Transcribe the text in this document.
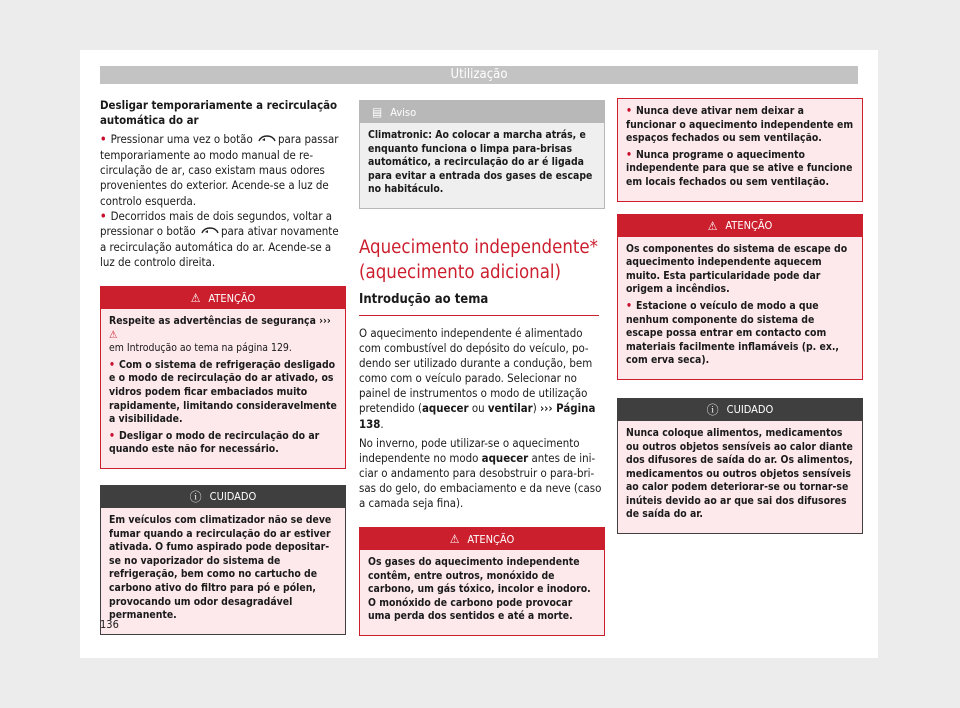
Utilização

Desligar temporariamente a recirculação automática do ar

• Pressionar uma vez o botão para passar temporariamente ao modo manual de recirculação de ar, caso existam maus odores provenientes do exterior. Acende-se a luz de controlo esquerda.

• Decorridos mais de dois segundos, voltar a pressionar o botão para ativar novamente a recirculação automática do ar. Acende-se a luz de controlo direita.

⚠ ATENÇÃO

Respeite as advertências de segurança ››› ⚠
em Introdução ao tema na página 129.

• Com o sistema de refrigeração desligado e o modo de recirculação do ar ativado, os vidros podem ficar embaciados muito rapidamente, limitando consideravelmente a visibilidade.

• Desligar o modo de recirculação do ar quando este não for necessário.

ⓘ CUIDADO

Em veículos com climatizador não se deve fumar quando a recirculação do ar estiver ativada. O fumo aspirado pode depositar-se no vaporizador do sistema de refrigeração, bem como no cartucho de carbono ativo do filtro para pó e pólen, provocando um odor desagradável permanente.

▤ Aviso

Climatronic: Ao colocar a marcha atrás, e enquanto funciona o limpa para-brisas automático, a recirculação do ar é ligada para evitar a entrada dos gases de escape no habitáculo.

Aquecimento independente* (aquecimento adicional)
Introdução ao tema

O aquecimento independente é alimentado com combustível do depósito do veículo, podendo ser utilizado durante a condução, bem como com o veículo parado. Selecionar no painel de instrumentos o modo de utilização pretendido (aquecer ou ventilar) ››› Página 138.

No inverno, pode utilizar-se o aquecimento independente no modo aquecer antes de iniciar o andamento para desobstruir o para-brisas do gelo, do embaciamento e da neve (caso a camada seja fina).

⚠ ATENÇÃO

Os gases do aquecimento independente contêm, entre outros, monóxido de carbono, um gás tóxico, incolor e inodoro. O monóxido de carbono pode provocar uma perda dos sentidos e até a morte.

• Nunca deve ativar nem deixar a funcionar o aquecimento independente em espaços fechados ou sem ventilação.

• Nunca programe o aquecimento independente para que se ative e funcione em locais fechados ou sem ventilação.

⚠ ATENÇÃO

Os componentes do sistema de escape do aquecimento independente aquecem muito. Esta particularidade pode dar origem a incêndios.

• Estacione o veículo de modo a que nenhum componente do sistema de escape possa entrar em contacto com materiais facilmente inflamáveis (p. ex., com erva seca).

ⓘ CUIDADO

Nunca coloque alimentos, medicamentos ou outros objetos sensíveis ao calor diante dos difusores de saída do ar. Os alimentos, medicamentos ou outros objetos sensíveis ao calor podem deteriorar-se ou tornar-se inúteis devido ao ar que sai dos difusores de saída do ar.

136
